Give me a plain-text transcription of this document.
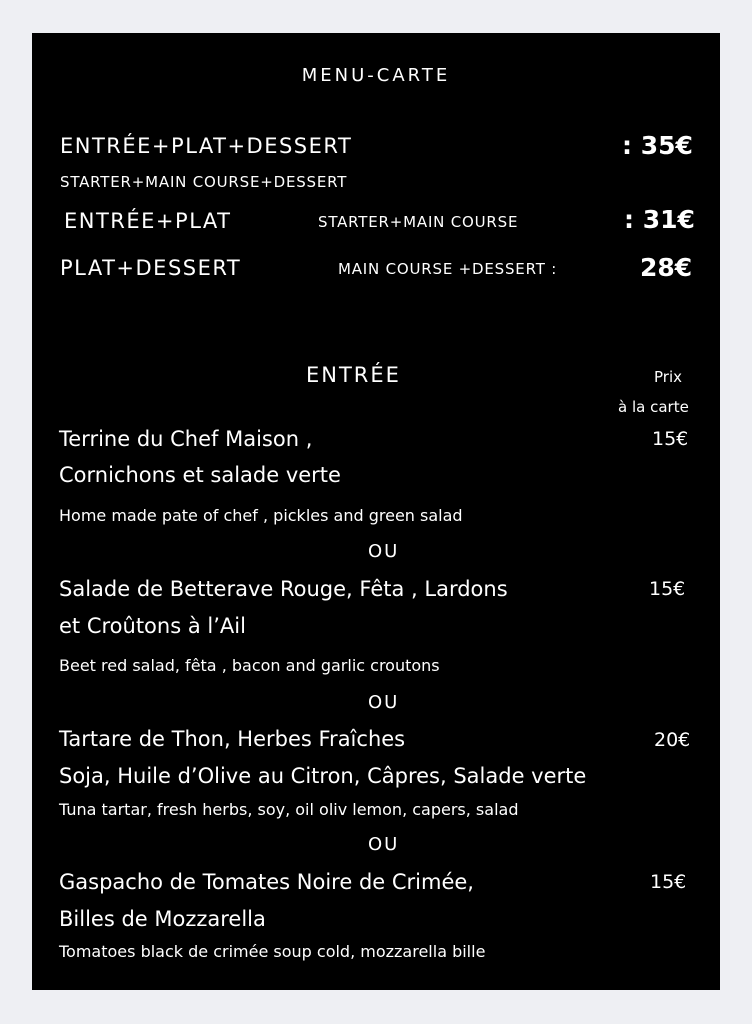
MENU-CARTE
ENTRÉE+PLAT+DESSERT	: 35€
STARTER+MAIN COURSE+DESSERT
ENTRÉE+PLAT	STARTER+MAIN COURSE	: 31€
PLAT+DESSERT	MAIN COURSE +DESSERT :	28€
ENTRÉE	Prix
à la carte
Terrine du Chef Maison ,	15€
Cornichons et salade verte
Home made pate of chef , pickles and green salad
OU
Salade de Betterave Rouge, Fêta , Lardons	15€
et Croûtons à l’Ail
Beet red salad, fêta , bacon and garlic croutons
OU
Tartare de Thon, Herbes Fraîches	20€
Soja, Huile d’Olive au Citron, Câpres, Salade verte
Tuna tartar, fresh herbs, soy, oil oliv lemon, capers, salad
OU
Gaspacho de Tomates Noire de Crimée,	15€
Billes de Mozzarella
Tomatoes black de crimée soup cold, mozzarella bille
